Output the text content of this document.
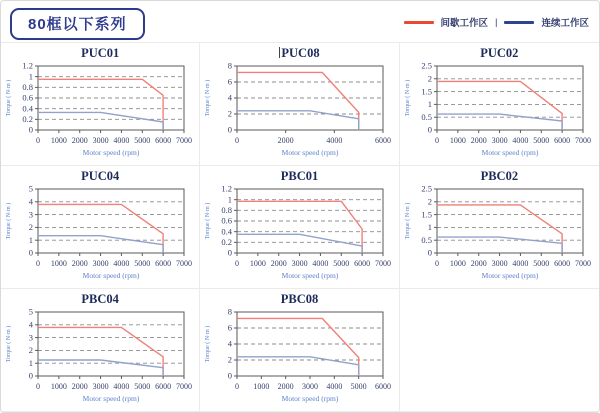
80框以下系列	间歇工作区 |	连续工作区
PUC01
0
0.2
0.4
0.6
0.8
1
1.2
0 1000 2000 3000 4000 5000 6000 7000
Motor speed (rpm)
Torque ( N·m )
PUC08
0
2
4
6
8
0	2000	4000	6000
Motor speed (rpm)
Torque ( N·m )
PUC02
0
0.5
1
1.5
2
2.5
0 1000 2000 3000 4000 5000 6000 7000
Motor speed (rpm)
Torque ( N·m )
PUC04
0
1
2
3
4
5
0 1000 2000 3000 4000 5000 6000 7000
Motor speed (rpm)
Torque ( N·m )
PBC01
0
0.2
0.4
0.6
0.8
1
1.2
0 1000 2000 3000 4000 5000 6000 7000
Motor speed (rpm)
Torque ( N·m )
PBC02
0
0.5
1
1.5
2
2.5
0 1000 2000 3000 4000 5000 6000 7000
Motor speed (rpm)
Torque ( N·m )
PBC04
0
1
2
3
4
5
0 1000 2000 3000 4000 5000 6000 7000
Motor speed (rpm)
Torque ( N·m )
PBC08
0
2
4
6
8
0 1000 2000 3000 4000 5000 6000
Motor speed (rpm)
Torque ( N·m )
